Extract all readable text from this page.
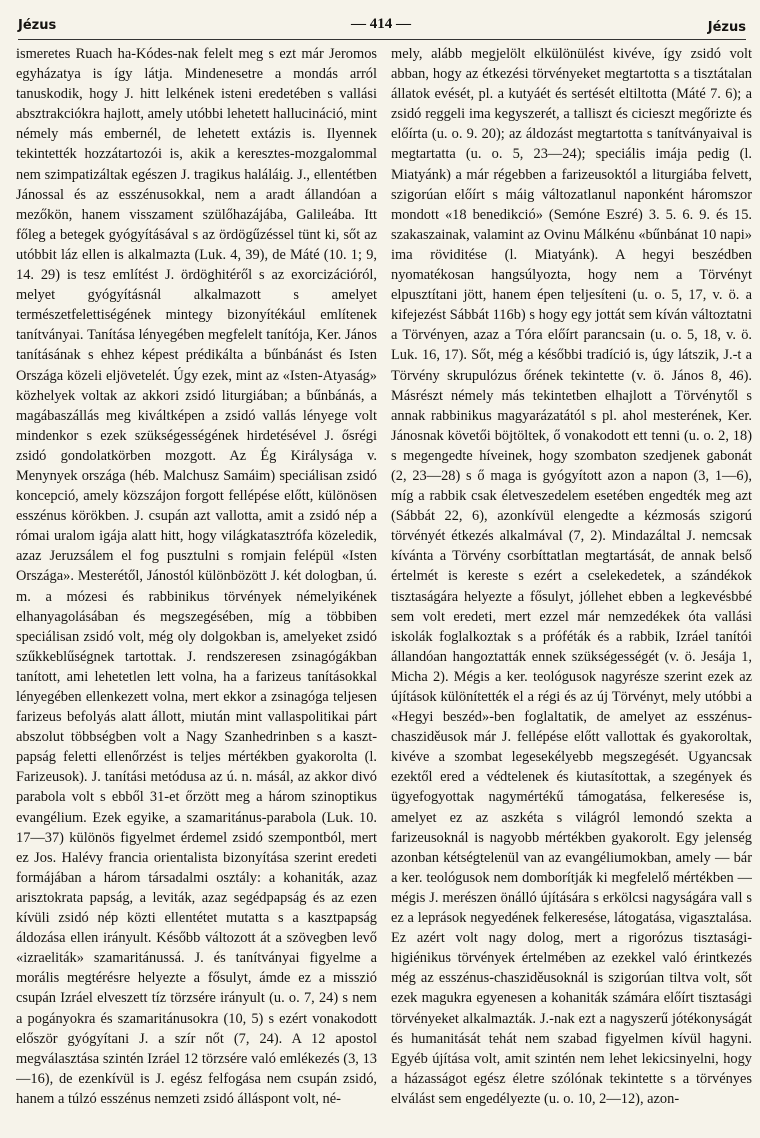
Jézus	— 414 —	Jézus

ismeretes Ruach ha-Kódes-nak felelt meg s ezt már Jeromos egyházatya is így látja. Mindenesetre a mondás arról tanuskodik, hogy J. hitt lelkének isteni eredetében s vallási absztrakciókra hajlott, amely utóbbi lehetett hallucináció, mint némely más embernél, de lehetett extázis is. Ilyennek tekintették hozzátartozói is, akik a keresztes-mozgalommal nem szimpatizáltak egészen J. tragikus haláláig. J., ellentétben Jánossal és az esszénusokkal, nem a aradt állandóan a mezőkön, hanem visszament szülőhazájába, Galileába. Itt főleg a betegek gyógyításával s az ördögűzéssel tünt ki, sőt az utóbbit láz ellen is alkalmazta (Luk. 4, 39), de Máté (10. 1; 9, 14. 29) is tesz említést J. ördöghitéről s az exorcizációról, melyet gyógyításnál alkalmazott s amelyet természetfelettiségének mintegy bizonyítékául említenek tanítványai. Tanítása lényegében megfelelt tanítója, Ker. János tanításának s ehhez képest prédikálta a bűnbánást és Isten Országa közeli eljövetelét. Úgy ezek, mint az «Isten-Atyaság» közhelyek voltak az akkori zsidó liturgiában; a bűnbánás, a magábaszállás meg kiváltképen a zsidó vallás lényege volt mindenkor s ezek szükségességének hirdetésével J. ősrégi zsidó gondolatkörben mozgott. Az Ég Királysága v. Menynyek országa (héb. Malchusz Samáim) speciálisan zsidó koncepció, amely közszájon forgott fellépése előtt, különösen esszénus körökben. J. csupán azt vallotta, amit a zsidó nép a római uralom igája alatt hitt, hogy világkatasztrófa közeledik, azaz Jeruzsálem el fog pusztulni s romjain felépül «Isten Országa». Mesterétől, Jánostól különbözött J. két dologban, ú. m. a mózesi és rabbinikus törvények némelyikének elhanyagolásában és megszegésében, míg a többiben speciálisan zsidó volt, még oly dolgokban is, amelyeket zsidó szűkkeblűségnek tartottak. J. rendszeresen zsinagógákban tanított, ami lehetetlen lett volna, ha a farizeus tanításokkal lényegében ellenkezett volna, mert ekkor a zsinagóga teljesen farizeus befolyás alatt állott, miután mint vallaspolitikai párt abszolut többségben volt a Nagy Szanhedrinben s a kaszt-papság feletti ellenőrzést is teljes mértékben gyakorolta (l. Farizeusok). J. tanítási metódusa az ú. n. másál, az akkor divó parabola volt s ebből 31-et őrzött meg a három szinoptikus evangélium. Ezek egyike, a szamaritánus-parabola (Luk. 10. 17—37) különös figyelmet érdemel zsidó szempontból, mert ez Jos. Halévy francia orientalista bizonyítása szerint eredeti formájában a három társadalmi osztály: a kohaniták, azaz arisztokrata papság, a leviták, azaz segédpapság és az ezen kívüli zsidó nép közti ellentétet mutatta s a kasztpapság áldozása ellen irányult. Később változott át a szövegben levő «izraeliták» szamaritánussá. J. és tanítványai figyelme a morális megtérésre helyezte a fősulyt, ámde ez a misszió csupán Izráel elveszett tíz törzsére irányult (u. o. 7, 24) s nem a pogányokra és szamaritánusokra (10, 5) s ezért vonakodott először gyógyítani J. a szír nőt (7, 24). A 12 apostol megválasztása szintén Izráel 12 törzsére való emlékezés (3, 13—16), de ezenkívül is J. egész felfogása nem csupán zsidó, hanem a túlzó esszénus nemzeti zsidó álláspont volt, né-

mely, alább megjelölt elkülönülést kivéve, így zsidó volt abban, hogy az étkezési törvényeket megtartotta s a tisztátalan állatok evését, pl. a kutyáét és sertését eltiltotta (Máté 7. 6); a zsidó reggeli ima kegyszerét, a talliszt és cicieszt megőrizte és előírta (u. o. 9. 20); az áldozást megtartotta s tanítványaival is megtartatta (u. o. 5, 23—24); speciális imája pedig (l. Miatyánk) a már régebben a farizeusoktól a liturgiába felvett, szigorúan előírt s máig változatlanul naponként háromszor mondott «18 benedikció» (Semóne Eszré) 3. 5. 6. 9. és 15. szakaszainak, valamint az Ovinu Málkénu «bűnbánat 10 napi» ima röviditése (l. Miatyánk). A hegyi beszédben nyomatékosan hangsúlyozta, hogy nem a Törvényt elpusztítani jött, hanem épen teljesíteni (u. o. 5, 17, v. ö. a kifejezést Sábbát 116b) s hogy egy jottát sem kíván változtatni a Törvényen, azaz a Tóra előírt parancsain (u. o. 5, 18, v. ö. Luk. 16, 17). Sőt, még a későbbi tradíció is, úgy látszik, J.-t a Törvény skrupulózus őrének tekintette (v. ö. János 8, 46). Másrészt némely más tekintetben elhajlott a Törvénytől s annak rabbinikus magyarázatától s pl. ahol mesterének, Ker. Jánosnak követői böjtöltek, ő vonakodott ett tenni (u. o. 2, 18) s megengedte híveinek, hogy szombaton szedjenek gabonát (2, 23—28) s ő maga is gyógyított azon a napon (3, 1—6), míg a rabbik csak életveszedelem esetében engedték meg azt (Sábbát 22, 6), azonkívül elengedte a kézmosás szigorú törvényét étkezés alkalmával (7, 2). Mindazáltal J. nemcsak kívánta a Törvény csorbíttatlan megtartását, de annak belső értelmét is kereste s ezért a cselekedetek, a szándékok tisztaságára helyezte a fősulyt, jóllehet ebben a legkevésbbé sem volt eredeti, mert ezzel már nemzedékek óta vallási iskolák foglalkoztak s a próféták és a rabbik, Izráel tanítói állandóan hangoztatták ennek szükségességét (v. ö. Jesája 1, Micha 2). Mégis a ker. teológusok nagyrésze szerint ezek az újítások különítették el a régi és az új Törvényt, mely utóbbi a «Hegyi beszéd»-ben foglaltatik, de amelyet az esszénus-chasziděusok már J. fellépése előtt vallottak és gyakoroltak, kivéve a szombat legesekélyebb megszegését. Ugyancsak ezektől ered a védtelenek és kiutasítottak, a szegények és ügyefogyottak nagymértékű támogatása, felkeresése is, amelyet ez az aszkéta s világról lemondó szekta a farizeusoknál is nagyobb mértékben gyakorolt. Egy jelenség azonban kétségtelenül van az evangéliumokban, amely — bár a ker. teológusok nem domborítják ki megfelelő mértékben — mégis J. merészen önálló újítására s erkölcsi nagyságára vall s ez a leprások negyedének felkeresése, látogatása, vigasztalása. Ez azért volt nagy dolog, mert a rigorózus tisztasági-higiénikus törvények értelmében az ezekkel való érintkezés még az esszénus-chasziděusoknál is szigorúan tiltva volt, sőt ezek magukra egyenesen a kohaniták számára előírt tisztasági törvényeket alkalmazták. J.-nak ezt a nagyszerű jótékonyságát és humanitását tehát nem szabad figyelmen kívül hagyni. Egyéb újítása volt, amit szintén nem lehet lekicsinyelni, hogy a házasságot egész életre szólónak tekintette s a törvényes elválást sem engedélyezte (u. o. 10, 2—12), azon-
